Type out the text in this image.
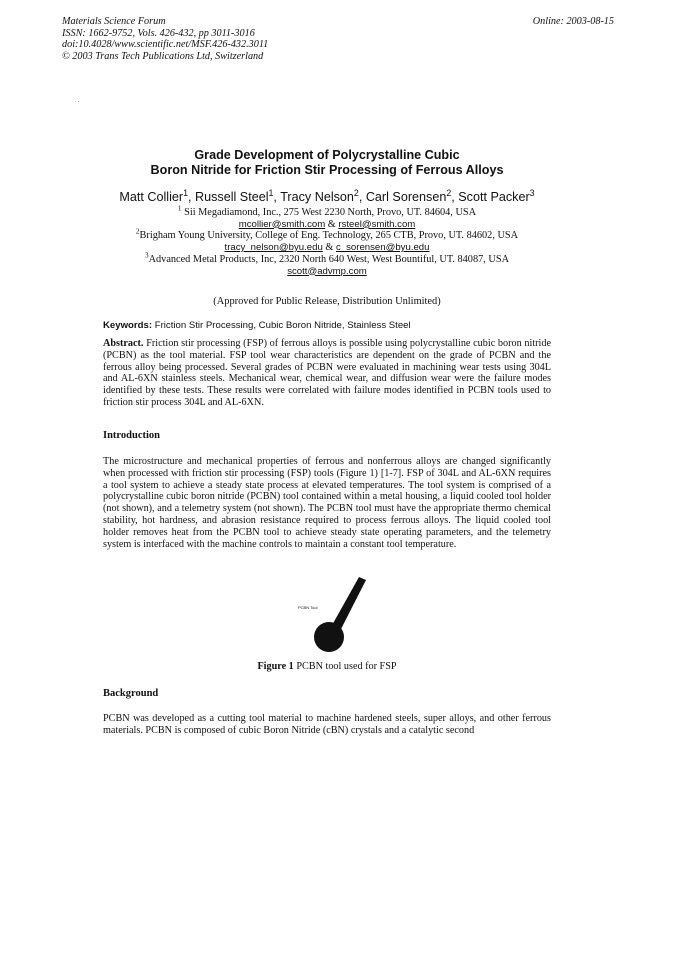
Materials Science Forum
ISSN: 1662-9752, Vols. 426-432, pp 3011-3016
doi:10.4028/www.scientific.net/MSF.426-432.3011
© 2003 Trans Tech Publications Ltd, Switzerland
Online: 2003-08-15
Grade Development of Polycrystalline Cubic
Boron Nitride for Friction Stir Processing of Ferrous Alloys
Matt Collier$^1$, Russell Steel$^1$, Tracy Nelson$^2$, Carl Sorensen$^2$, Scott Packer$^3$
$^1$ Sii Megadiamond, Inc., 275 West 2230 North, Provo, UT. 84604, USA
mcollier@smith.com & rsteel@smith.com
$^2$Brigham Young University, College of Eng. Technology, 265 CTB, Provo, UT. 84602, USA
tracy_nelson@byu.edu & c_sorensen@byu.edu
$^3$Advanced Metal Products, Inc, 2320 North 640 West, West Bountiful, UT. 84087, USA
scott@advmp.com
(Approved for Public Release, Distribution Unlimited)
Keywords: Friction Stir Processing, Cubic Boron Nitride, Stainless Steel
Abstract. Friction stir processing (FSP) of ferrous alloys is possible using polycrystalline cubic boron nitride (PCBN) as the tool material. FSP tool wear characteristics are dependent on the grade of PCBN and the ferrous alloy being processed. Several grades of PCBN were evaluated in machining wear tests using 304L and AL-6XN stainless steels. Mechanical wear, chemical wear, and diffusion wear were the failure modes identified by these tests. These results were correlated with failure modes identified in PCBN tools used to friction stir process 304L and AL-6XN.
Introduction
The microstructure and mechanical properties of ferrous and nonferrous alloys are changed significantly when processed with friction stir processing (FSP) tools (Figure 1) [1-7]. FSP of 304L and AL-6XN requires a tool system to achieve a steady state process at elevated temperatures. The tool system is comprised of a polycrystalline cubic boron nitride (PCBN) tool contained within a metal housing, a liquid cooled tool holder (not shown), and a telemetry system (not shown). The PCBN tool must have the appropriate thermo chemical stability, hot hardness, and abrasion resistance required to process ferrous alloys. The liquid cooled tool holder removes heat from the PCBN tool to achieve steady state operating parameters, and the telemetry system is interfaced with the machine controls to maintain a constant tool temperature.
PCBN Tool
Figure 1 PCBN tool used for FSP
Background
PCBN was developed as a cutting tool material to machine hardened steels, super alloys, and other ferrous materials. PCBN is composed of cubic Boron Nitride (cBN) crystals and a catalytic second
